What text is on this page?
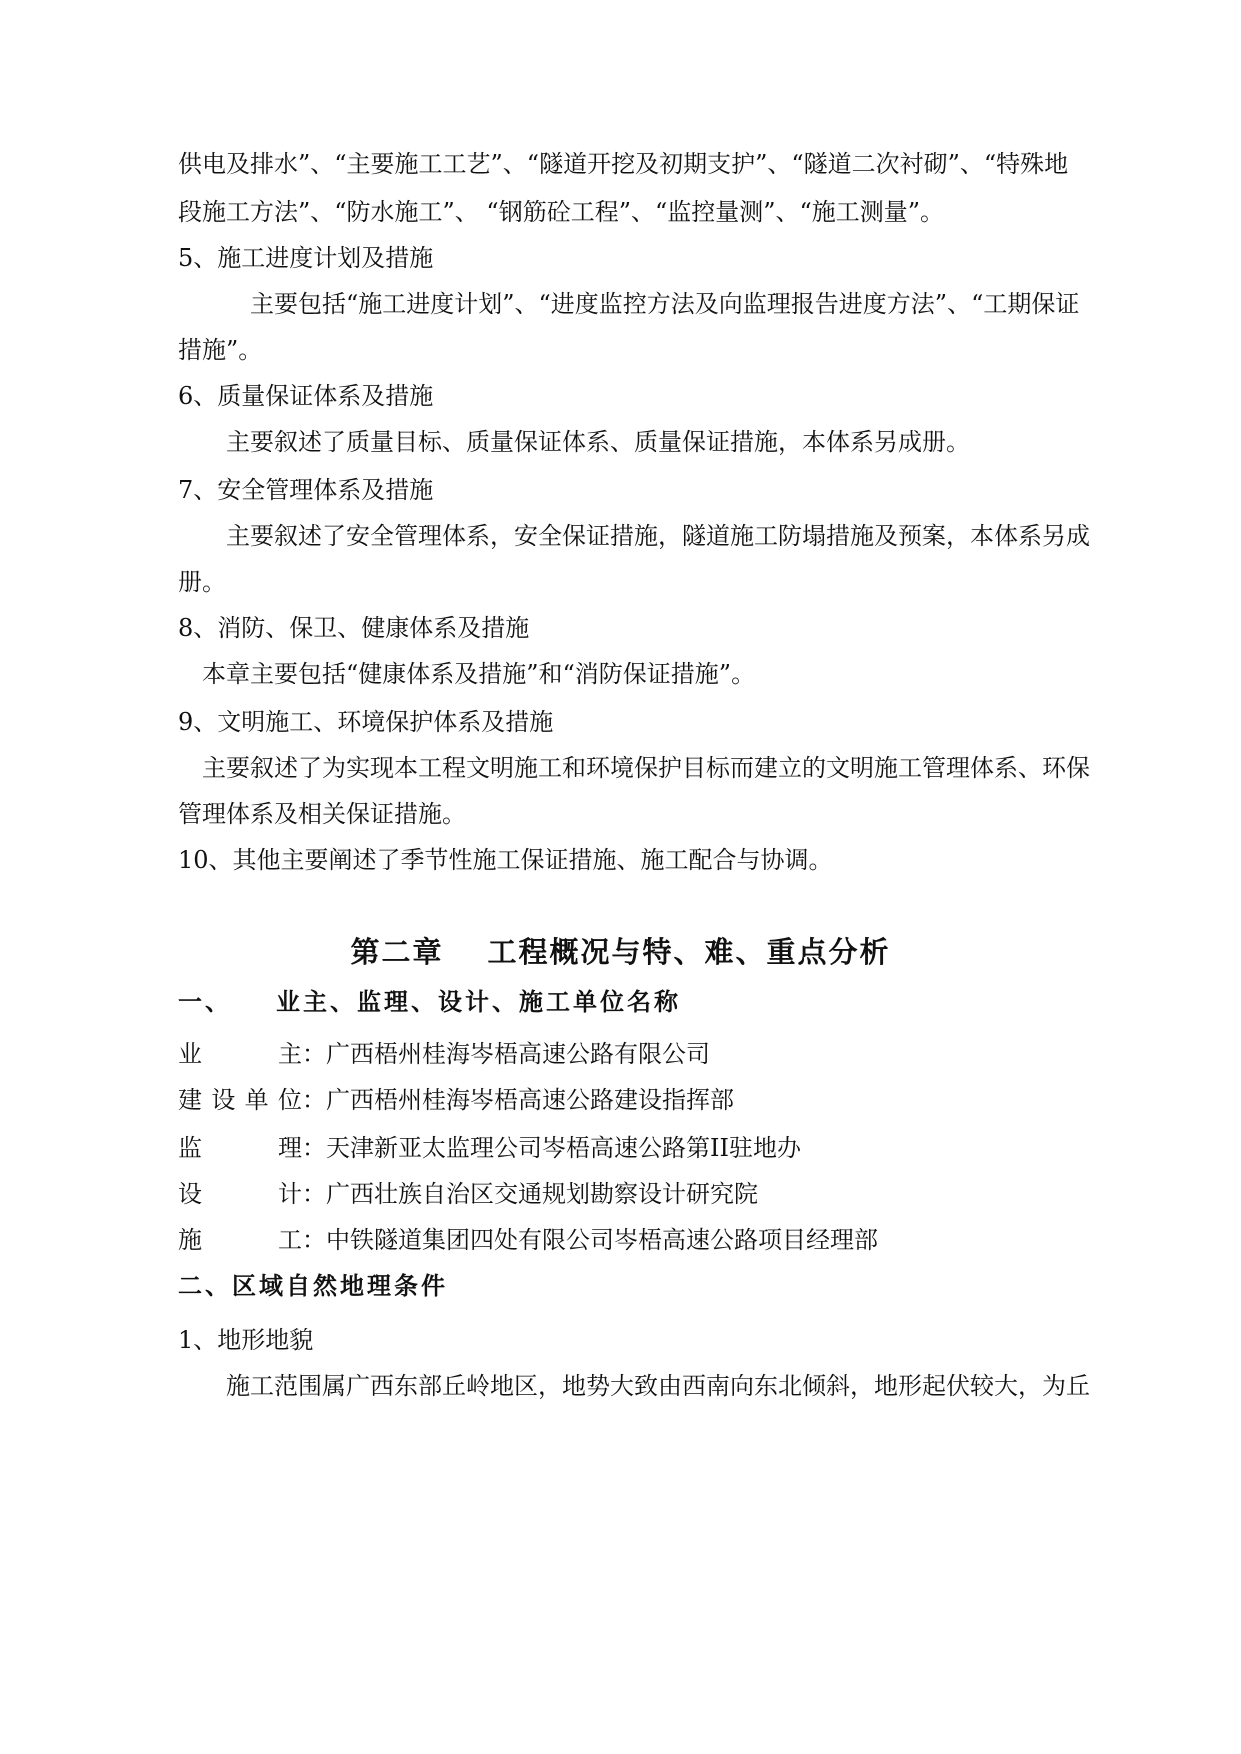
供电及排水”、“主要施工工艺”、“隧道开挖及初期支护”、“隧道二次衬砌”、“特殊地
段施工方法”、“防水施工”、 “钢筋砼工程”、“监控量测”、“施工测量”。
5、施工进度计划及措施
主要包括“施工进度计划”、“进度监控方法及向监理报告进度方法”、“工期保证
措施”。
6、质量保证体系及措施
主要叙述了质量目标、质量保证体系、质量保证措施，本体系另成册。
7、安全管理体系及措施
主要叙述了安全管理体系，安全保证措施，隧道施工防塌措施及预案，本体系另成
册。
8、消防、保卫、健康体系及措施
本章主要包括“健康体系及措施”和“消防保证措施”。
9、文明施工、环境保护体系及措施
主要叙述了为实现本工程文明施工和环境保护目标而建立的文明施工管理体系、环保
管理体系及相关保证措施。
10、其他主要阐述了季节性施工保证措施、施工配合与协调。
第二章 工程概况与特、难、重点分析
一、 业主、监理、设计、施工单位名称
业主：广西梧州桂海岑梧高速公路有限公司
建设单位：广西梧州桂海岑梧高速公路建设指挥部
监理：天津新亚太监理公司岑梧高速公路第II驻地办
设计：广西壮族自治区交通规划勘察设计研究院
施工：中铁隧道集团四处有限公司岑梧高速公路项目经理部
二、区域自然地理条件
1、地形地貌
施工范围属广西东部丘岭地区，地势大致由西南向东北倾斜，地形起伏较大，为丘
